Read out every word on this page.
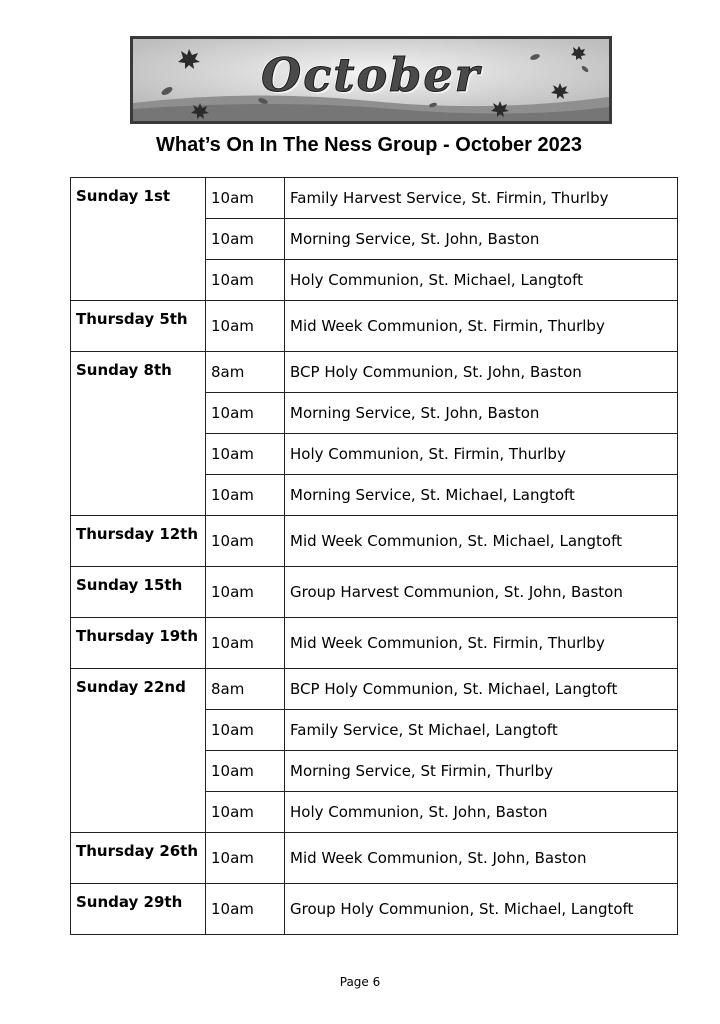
October
What’s On In The Ness Group - October 2023
Sunday 1st	10am	Family Harvest Service, St. Firmin, Thurlby
	10am	Morning Service, St. John, Baston
	10am	Holy Communion, St. Michael, Langtoft
Thursday 5th	10am	Mid Week Communion, St. Firmin, Thurlby
Sunday 8th	8am	BCP Holy Communion, St. John, Baston
	10am	Morning Service, St. John, Baston
	10am	Holy Communion, St. Firmin, Thurlby
	10am	Morning Service, St. Michael, Langtoft
Thursday 12th	10am	Mid Week Communion, St. Michael, Langtoft
Sunday 15th	10am	Group Harvest Communion, St. John, Baston
Thursday 19th	10am	Mid Week Communion, St. Firmin, Thurlby
Sunday 22nd	8am	BCP Holy Communion, St. Michael, Langtoft
	10am	Family Service, St Michael, Langtoft
	10am	Morning Service, St Firmin, Thurlby
	10am	Holy Communion, St. John, Baston
Thursday 26th	10am	Mid Week Communion, St. John, Baston
Sunday 29th	10am	Group Holy Communion, St. Michael, Langtoft
Page 6
